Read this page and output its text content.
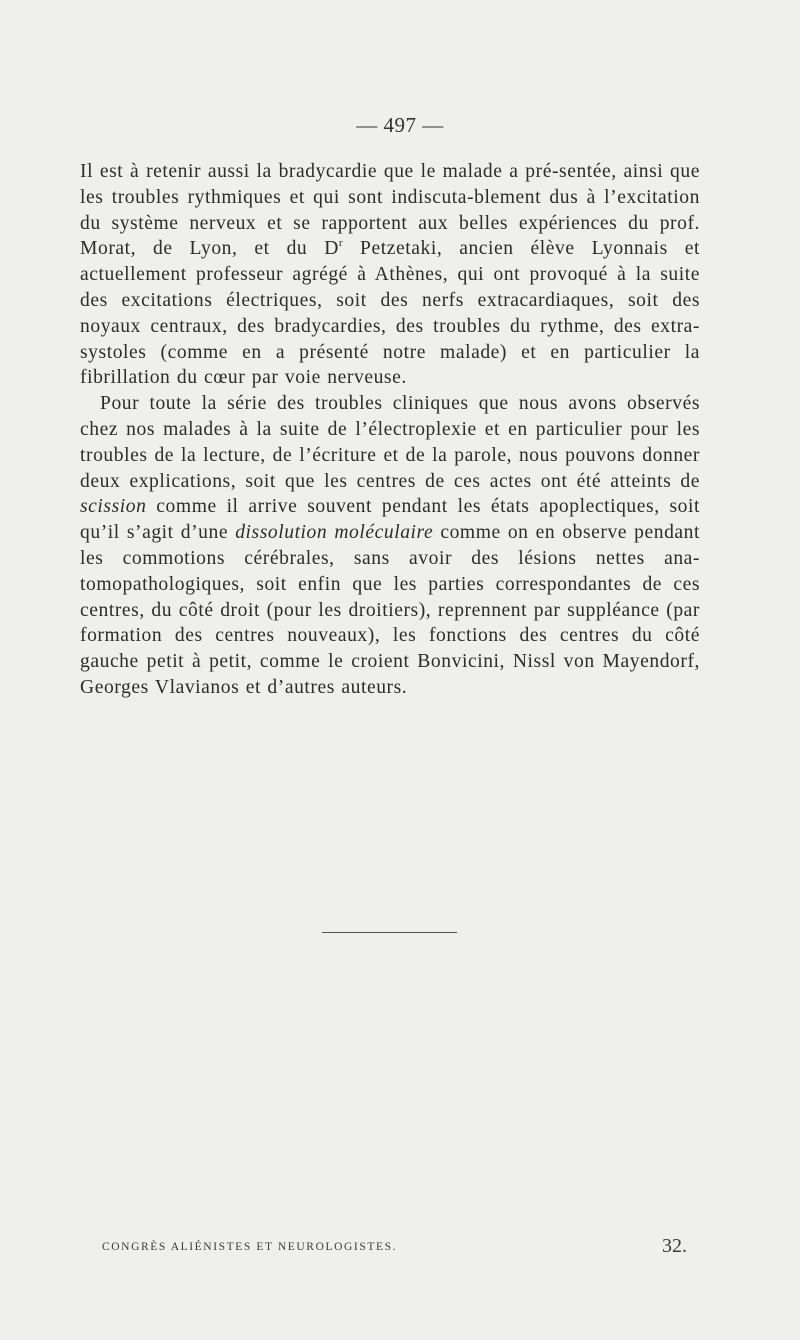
— 497 —

Il est à retenir aussi la bradycardie que le malade a pré-sentée, ainsi que les troubles rythmiques et qui sont indiscuta-blement dus à l’excitation du système nerveux et se rapportent aux belles expériences du prof. Morat, de Lyon, et du $D^r$ Petzetaki, ancien élève Lyonnais et actuellement professeur agrégé à Athènes, qui ont provoqué à la suite des excitations électriques, soit des nerfs extracardiaques, soit des noyaux centraux, des bradycardies, des troubles du rythme, des extra-systoles (comme en a présenté notre malade) et en particulier la fibrillation du cœur par voie nerveuse.

Pour toute la série des troubles cliniques que nous avons observés chez nos malades à la suite de l’électroplexie et en particulier pour les troubles de la lecture, de l’écriture et de la parole, nous pouvons donner deux explications, soit que les centres de ces actes ont été atteints de scission comme il arrive souvent pendant les états apoplectiques, soit qu’il s’agit d’une dissolution moléculaire comme on en observe pendant les commotions cérébrales, sans avoir des lésions nettes ana-tomopathologiques, soit enfin que les parties correspondantes de ces centres, du côté droit (pour les droitiers), reprennent par suppléance (par formation des centres nouveaux), les fonctions des centres du côté gauche petit à petit, comme le croient Bonvicini, Nissl von Mayendorf, Georges Vlavianos et d’autres auteurs.

CONGRÈS ALIÉNISTES ET NEUROLOGISTES.	32.
